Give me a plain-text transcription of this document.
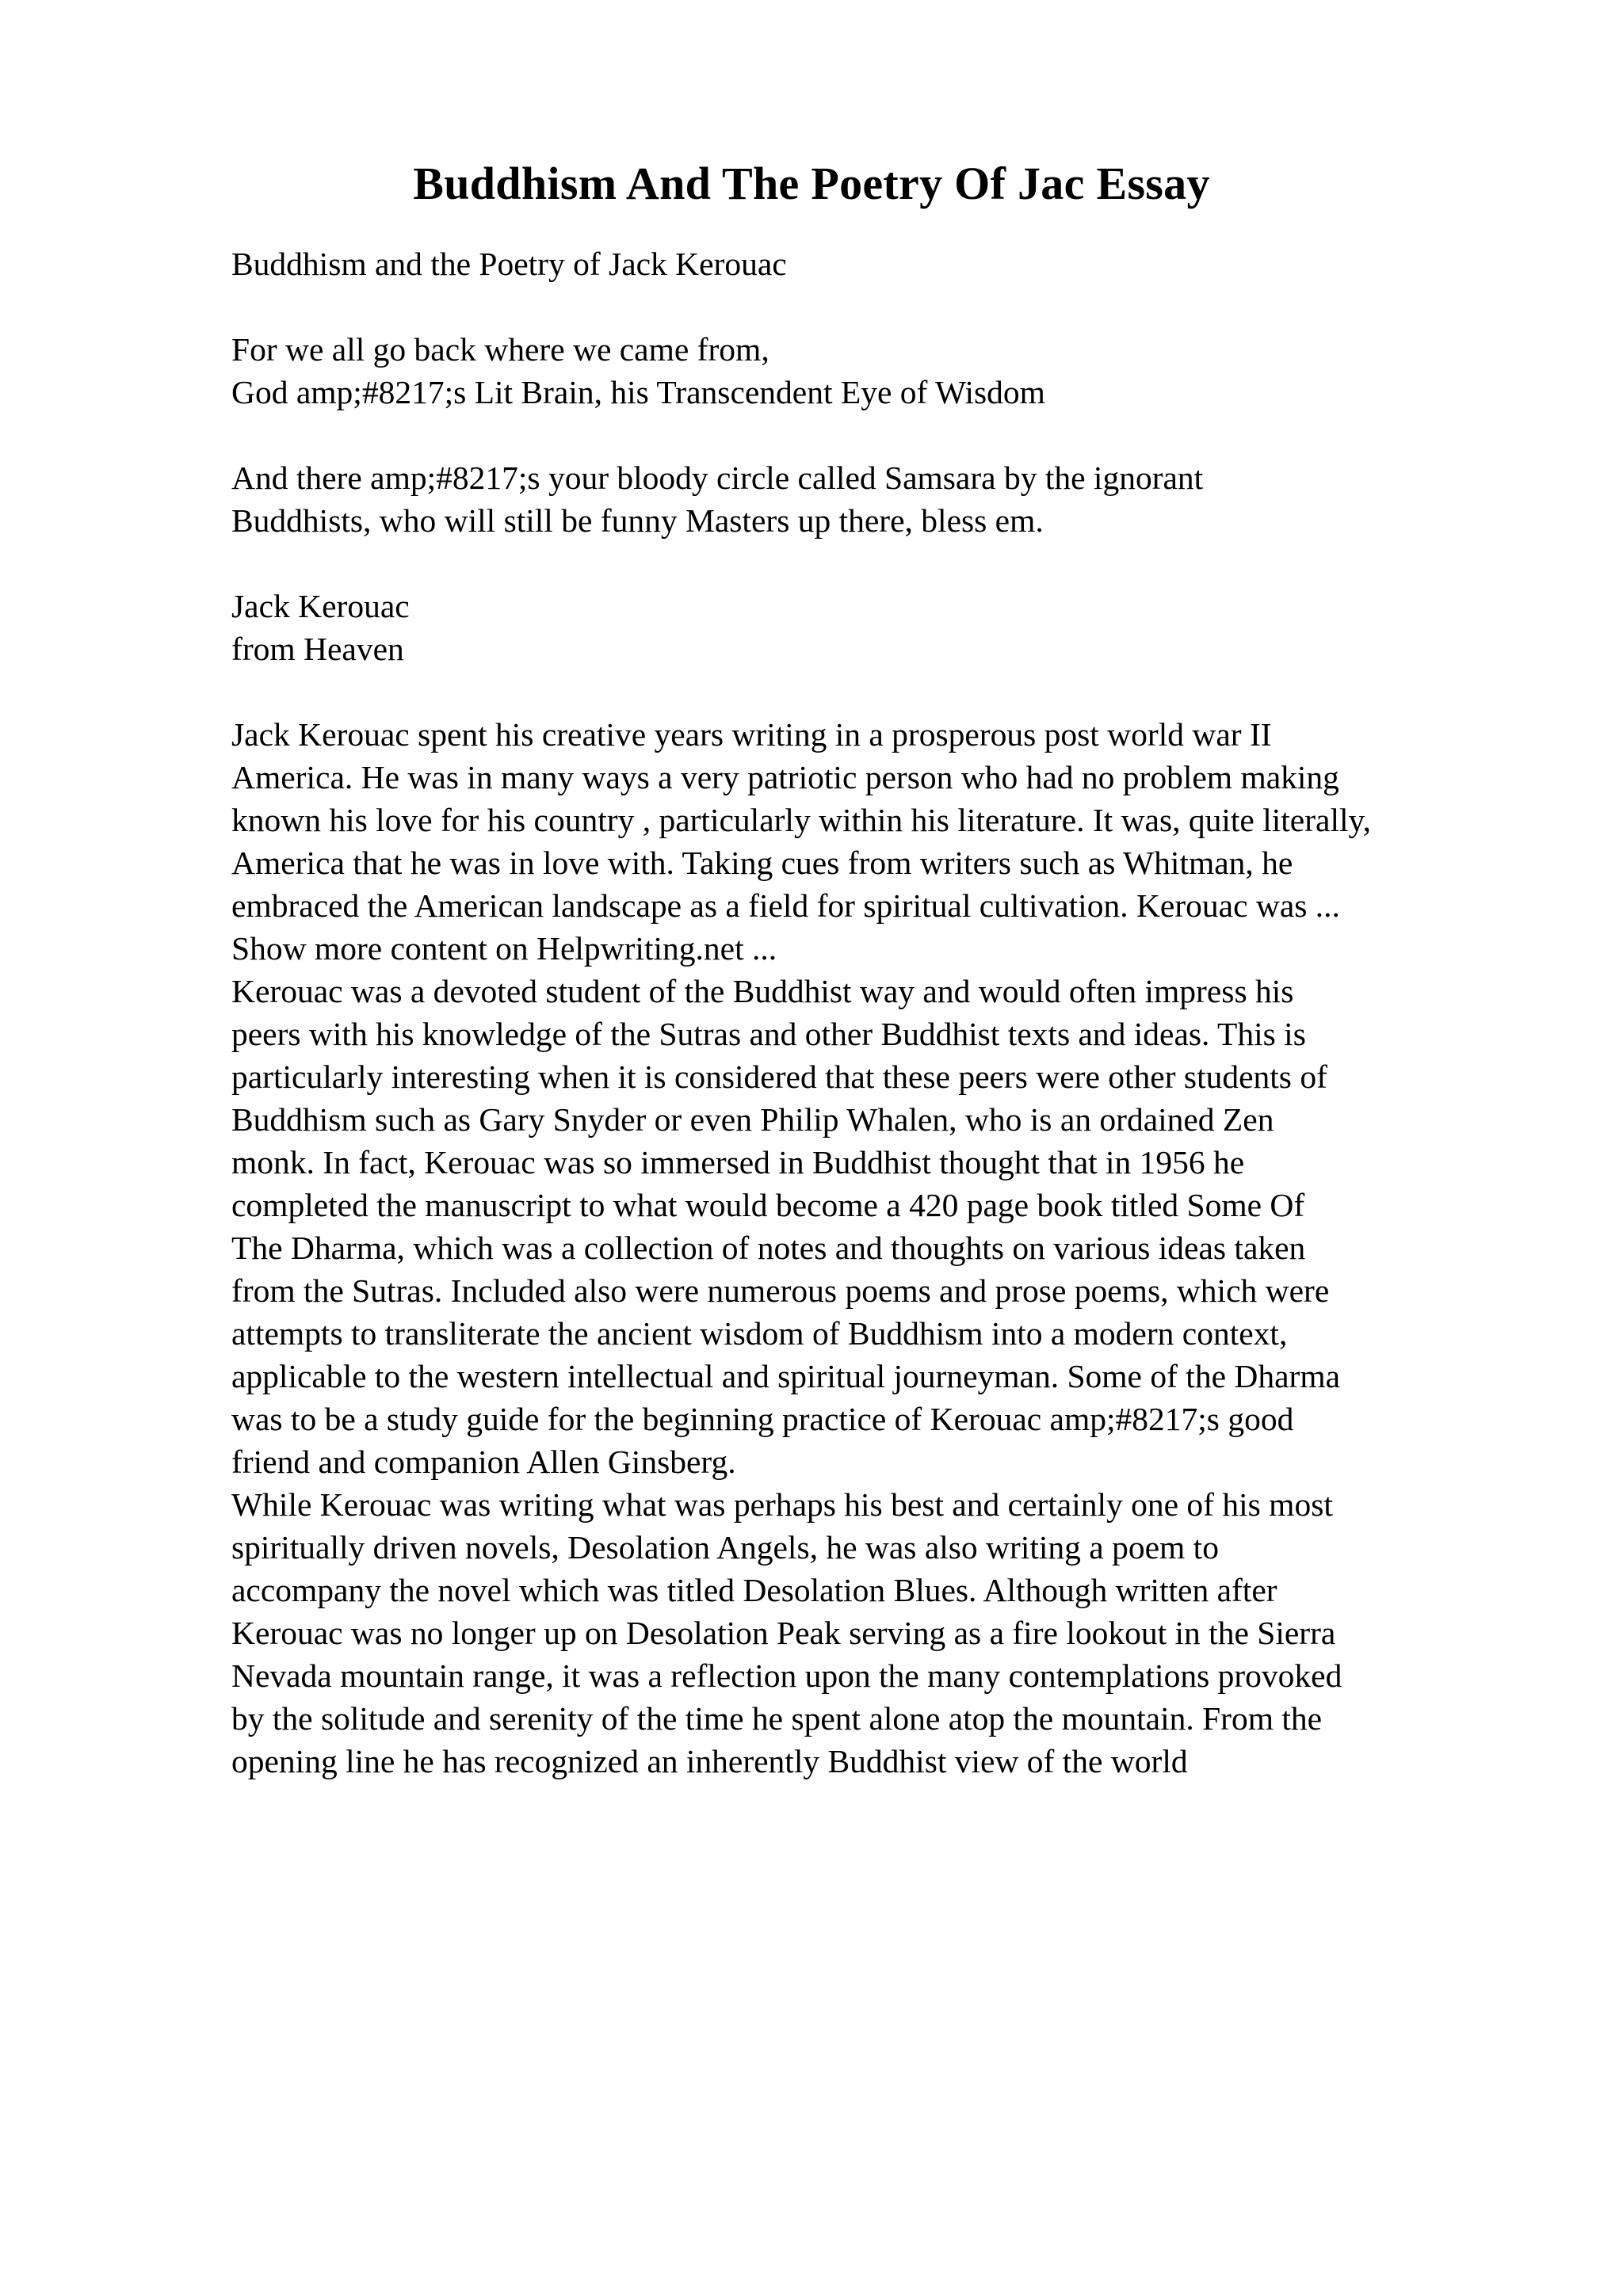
Buddhism And The Poetry Of Jac Essay
Buddhism and the Poetry of Jack Kerouac
For we all go back where we came from,
God amp;#8217;s Lit Brain, his Transcendent Eye of Wisdom
And there amp;#8217;s your bloody circle called Samsara by the ignorant
Buddhists, who will still be funny Masters up there, bless em.
Jack Kerouac
from Heaven
Jack Kerouac spent his creative years writing in a prosperous post world war II
America. He was in many ways a very patriotic person who had no problem making
known his love for his country , particularly within his literature. It was, quite literally,
America that he was in love with. Taking cues from writers such as Whitman, he
embraced the American landscape as a field for spiritual cultivation. Kerouac was ...
Show more content on Helpwriting.net ...
Kerouac was a devoted student of the Buddhist way and would often impress his
peers with his knowledge of the Sutras and other Buddhist texts and ideas. This is
particularly interesting when it is considered that these peers were other students of
Buddhism such as Gary Snyder or even Philip Whalen, who is an ordained Zen
monk. In fact, Kerouac was so immersed in Buddhist thought that in 1956 he
completed the manuscript to what would become a 420 page book titled Some Of
The Dharma, which was a collection of notes and thoughts on various ideas taken
from the Sutras. Included also were numerous poems and prose poems, which were
attempts to transliterate the ancient wisdom of Buddhism into a modern context,
applicable to the western intellectual and spiritual journeyman. Some of the Dharma
was to be a study guide for the beginning practice of Kerouac amp;#8217;s good
friend and companion Allen Ginsberg.
While Kerouac was writing what was perhaps his best and certainly one of his most
spiritually driven novels, Desolation Angels, he was also writing a poem to
accompany the novel which was titled Desolation Blues. Although written after
Kerouac was no longer up on Desolation Peak serving as a fire lookout in the Sierra
Nevada mountain range, it was a reflection upon the many contemplations provoked
by the solitude and serenity of the time he spent alone atop the mountain. From the
opening line he has recognized an inherently Buddhist view of the world
